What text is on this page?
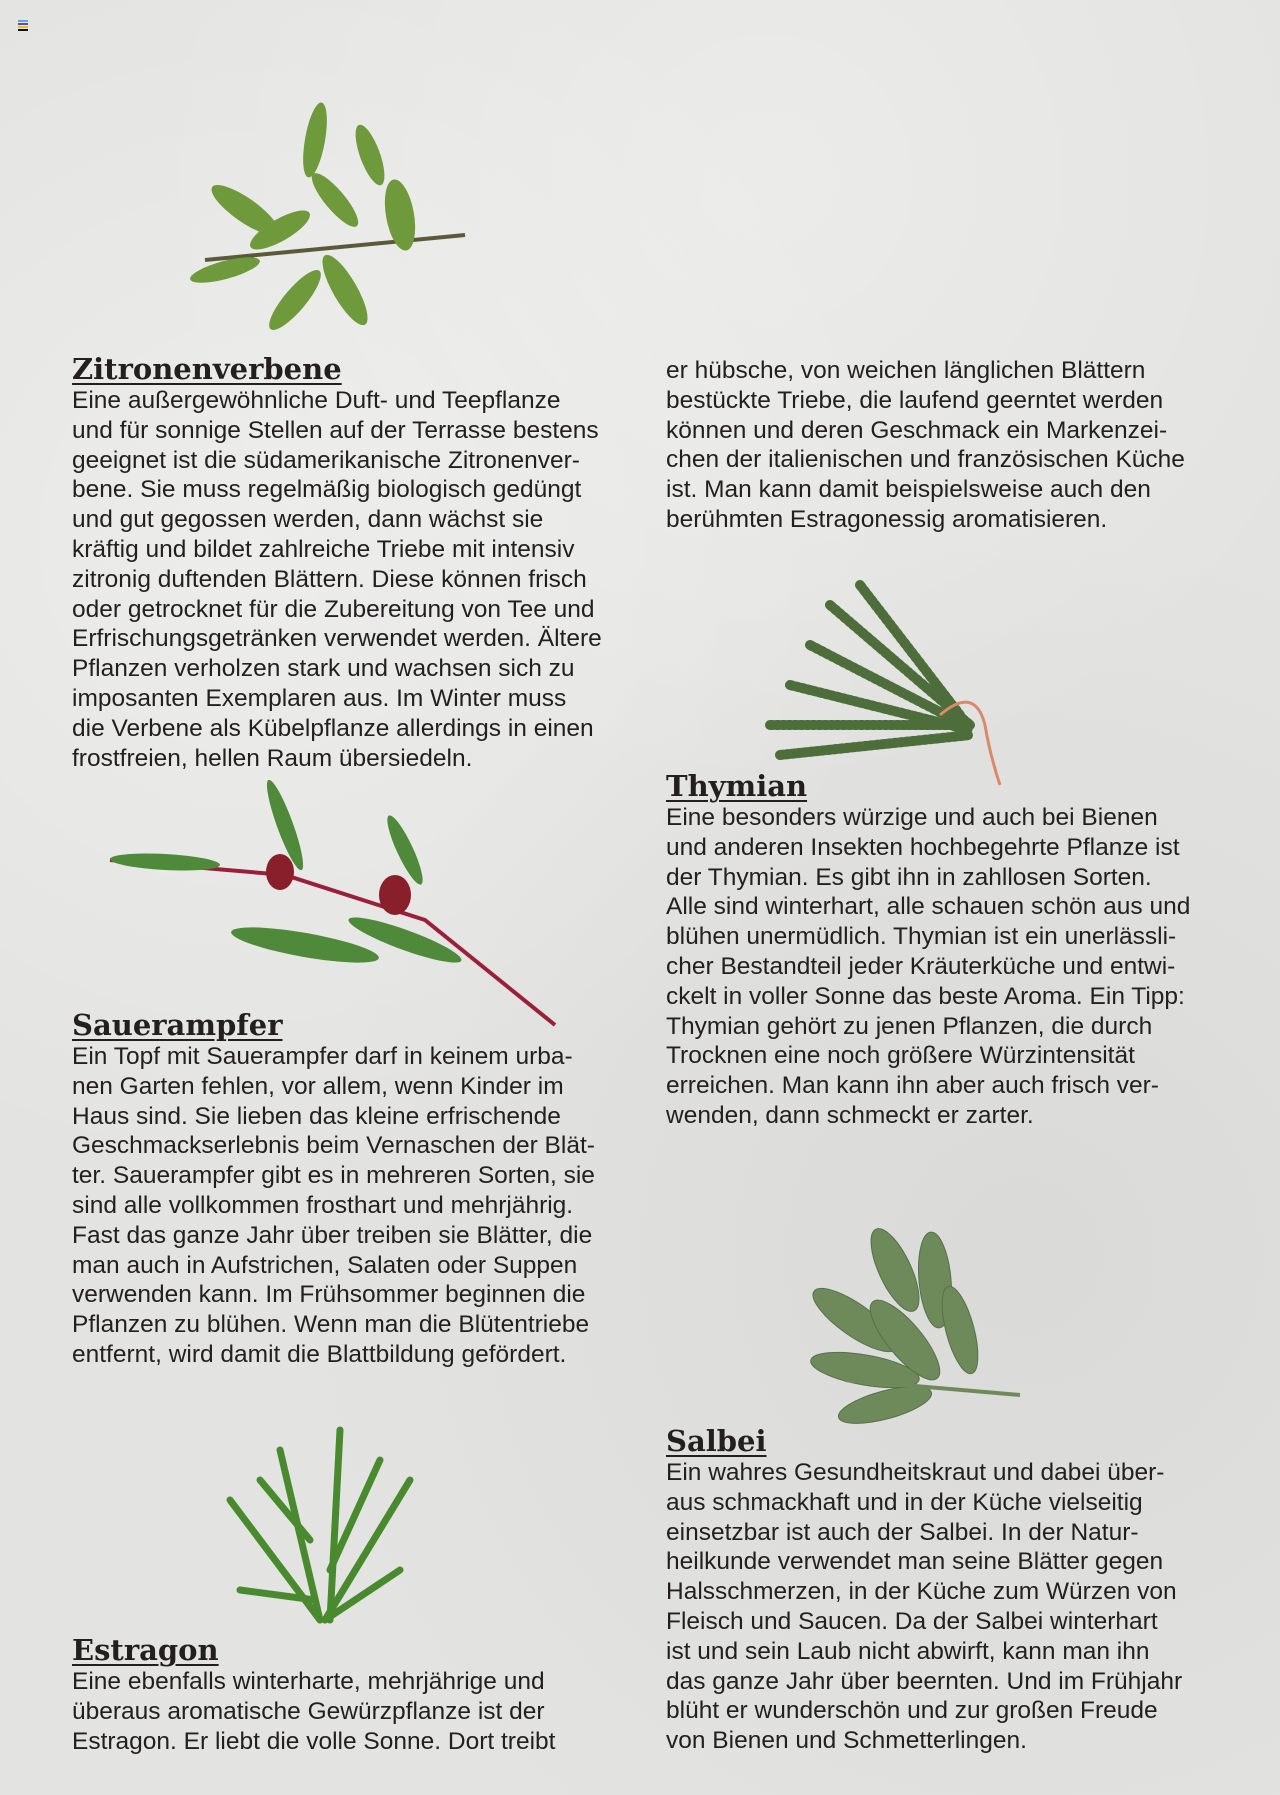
Zitronenverbene
Eine außergewöhnliche Duft- und Teepflanze
und für sonnige Stellen auf der Terrasse bestens
geeignet ist die südamerikanische Zitronenver-
bene. Sie muss regelmäßig biologisch gedüngt
und gut gegossen werden, dann wächst sie
kräftig und bildet zahlreiche Triebe mit intensiv
zitronig duftenden Blättern. Diese können frisch
oder getrocknet für die Zubereitung von Tee und
Erfrischungsgetränken verwendet werden. Ältere
Pflanzen verholzen stark und wachsen sich zu
imposanten Exemplaren aus. Im Winter muss
die Verbene als Kübelpflanze allerdings in einen
frostfreien, hellen Raum übersiedeln.
Sauerampfer
Ein Topf mit Sauerampfer darf in keinem urba-
nen Garten fehlen, vor allem, wenn Kinder im
Haus sind. Sie lieben das kleine erfrischende
Geschmackserlebnis beim Vernaschen der Blät-
ter. Sauerampfer gibt es in mehreren Sorten, sie
sind alle vollkommen frosthart und mehrjährig.
Fast das ganze Jahr über treiben sie Blätter, die
man auch in Aufstrichen, Salaten oder Suppen
verwenden kann. Im Frühsommer beginnen die
Pflanzen zu blühen. Wenn man die Blütentriebe
entfernt, wird damit die Blattbildung gefördert.
Estragon
Eine ebenfalls winterharte, mehrjährige und
überaus aromatische Gewürzpflanze ist der
Estragon. Er liebt die volle Sonne. Dort treibt
er hübsche, von weichen länglichen Blättern
bestückte Triebe, die laufend geerntet werden
können und deren Geschmack ein Markenzei-
chen der italienischen und französischen Küche
ist. Man kann damit beispielsweise auch den
berühmten Estragonessig aromatisieren.
Thymian
Eine besonders würzige und auch bei Bienen
und anderen Insekten hochbegehrte Pflanze ist
der Thymian. Es gibt ihn in zahllosen Sorten.
Alle sind winterhart, alle schauen schön aus und
blühen unermüdlich. Thymian ist ein unerlässli-
cher Bestandteil jeder Kräuterküche und entwi-
ckelt in voller Sonne das beste Aroma. Ein Tipp:
Thymian gehört zu jenen Pflanzen, die durch
Trocknen eine noch größere Würzintensität
erreichen. Man kann ihn aber auch frisch ver-
wenden, dann schmeckt er zarter.
Salbei
Ein wahres Gesundheitskraut und dabei über-
aus schmackhaft und in der Küche vielseitig
einsetzbar ist auch der Salbei. In der Natur-
heilkunde verwendet man seine Blätter gegen
Halsschmerzen, in der Küche zum Würzen von
Fleisch und Saucen. Da der Salbei winterhart
ist und sein Laub nicht abwirft, kann man ihn
das ganze Jahr über beernten. Und im Frühjahr
blüht er wunderschön und zur großen Freude
von Bienen und Schmetterlingen.
